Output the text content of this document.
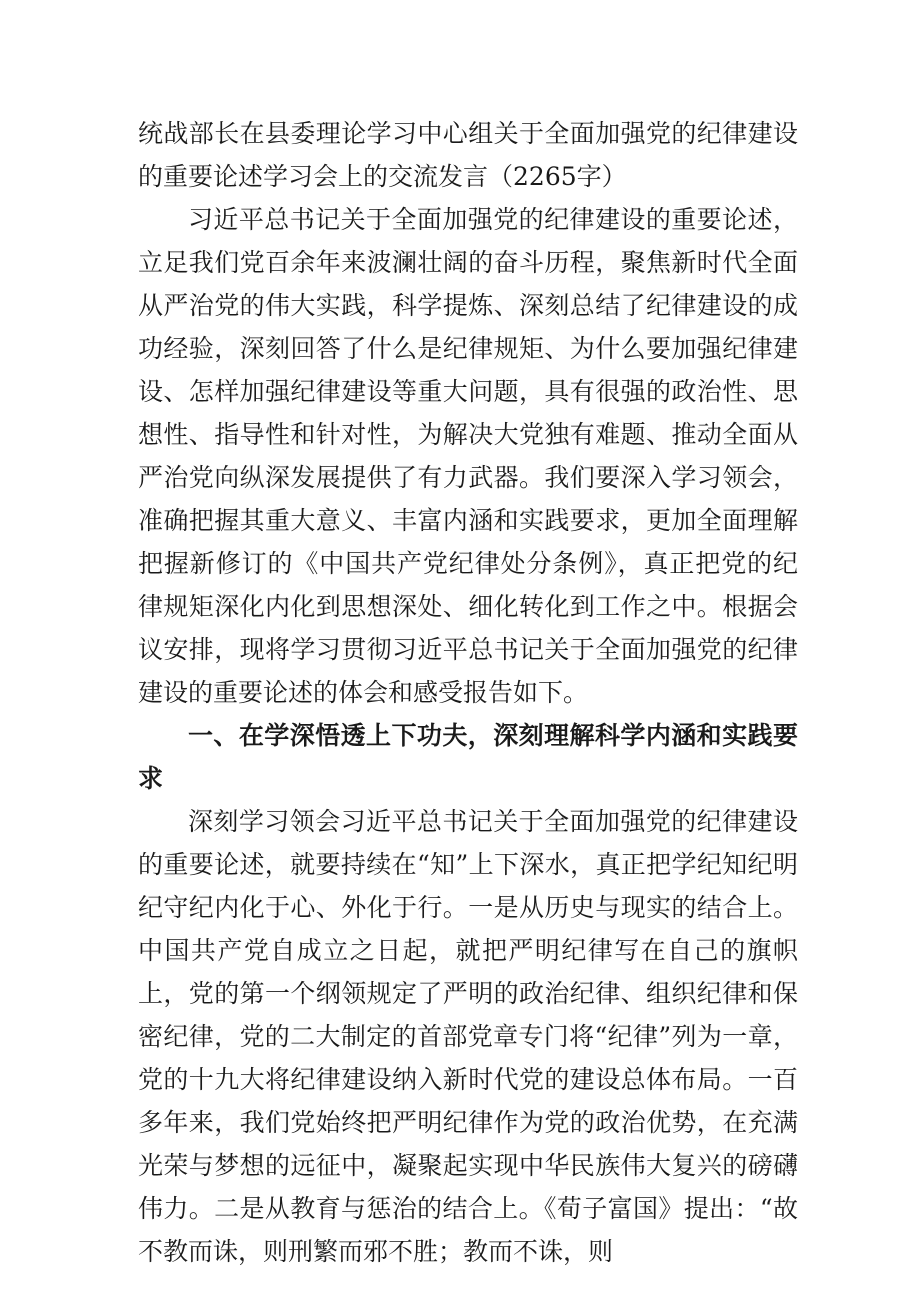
统战部长在县委理论学习中心组关于全面加强党的纪律建设的重要论述学习会上的交流发言（2265字）

习近平总书记关于全面加强党的纪律建设的重要论述，立足我们党百余年来波澜壮阔的奋斗历程，聚焦新时代全面从严治党的伟大实践，科学提炼、深刻总结了纪律建设的成功经验，深刻回答了什么是纪律规矩、为什么要加强纪律建设、怎样加强纪律建设等重大问题，具有很强的政治性、思想性、指导性和针对性，为解决大党独有难题、推动全面从严治党向纵深发展提供了有力武器。我们要深入学习领会，准确把握其重大意义、丰富内涵和实践要求，更加全面理解把握新修订的《中国共产党纪律处分条例》，真正把党的纪律规矩深化内化到思想深处、细化转化到工作之中。根据会议安排，现将学习贯彻习近平总书记关于全面加强党的纪律建设的重要论述的体会和感受报告如下。

一、在学深悟透上下功夫，深刻理解科学内涵和实践要求

深刻学习领会习近平总书记关于全面加强党的纪律建设的重要论述，就要持续在“知”上下深水，真正把学纪知纪明纪守纪内化于心、外化于行。一是从历史与现实的结合上。中国共产党自成立之日起，就把严明纪律写在自己的旗帜上，党的第一个纲领规定了严明的政治纪律、组织纪律和保密纪律，党的二大制定的首部党章专门将“纪律”列为一章，党的十九大将纪律建设纳入新时代党的建设总体布局。一百多年来，我们党始终把严明纪律作为党的政治优势，在充满光荣与梦想的远征中，凝聚起实现中华民族伟大复兴的磅礴伟力。二是从教育与惩治的结合上。《荀子富国》提出：“故不教而诛，则刑繁而邪不胜；教而不诛，则
